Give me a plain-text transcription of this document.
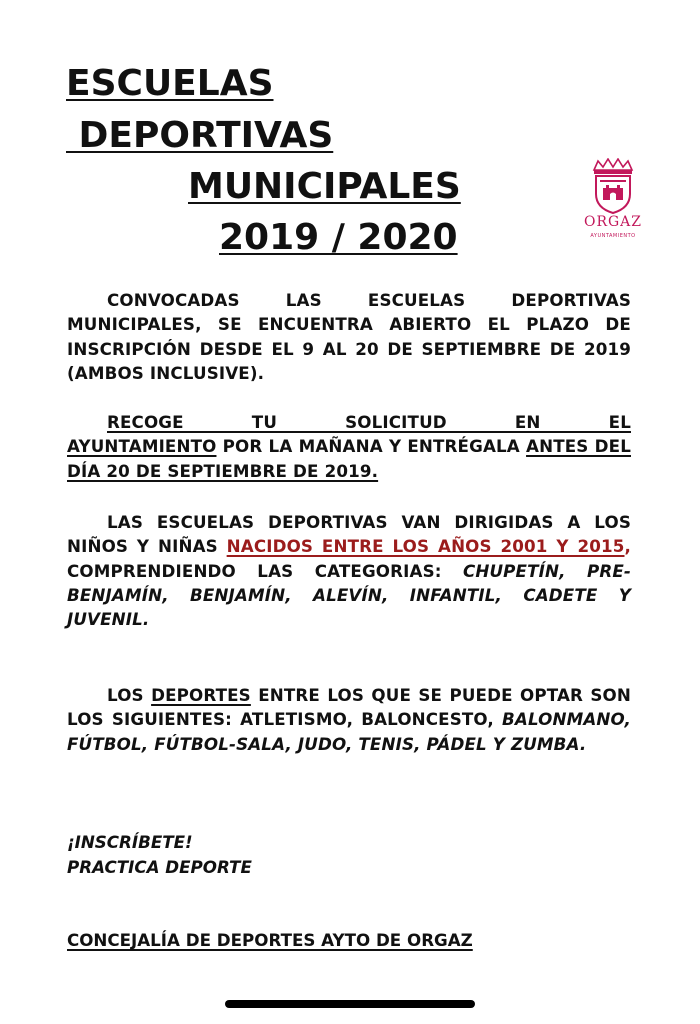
ESCUELAS
DEPORTIVAS
MUNICIPALES
2019 / 2020	ORGAZ
AYUNTAMIENTO

CONVOCADAS LAS ESCUELAS DEPORTIVAS MUNICIPALES, SE ENCUENTRA ABIERTO EL PLAZO DE INSCRIPCIÓN DESDE EL 9 AL 20 DE SEPTIEMBRE DE 2019 (AMBOS INCLUSIVE).

RECOGE TU SOLICITUD EN EL
AYUNTAMIENTO POR LA MAÑANA Y ENTRÉGALA ANTES DEL DÍA 20 DE SEPTIEMBRE DE 2019.

LAS ESCUELAS DEPORTIVAS VAN DIRIGIDAS A LOS NIÑOS Y NIÑAS NACIDOS ENTRE LOS AÑOS 2001 Y 2015, COMPRENDIENDO LAS CATEGORIAS: CHUPETÍN, PRE-BENJAMÍN, BENJAMÍN, ALEVÍN, INFANTIL, CADETE Y JUVENIL.

LOS DEPORTES ENTRE LOS QUE SE PUEDE OPTAR SON LOS SIGUIENTES: ATLETISMO, BALONCESTO, BALONMANO, FÚTBOL, FÚTBOL-SALA, JUDO, TENIS, PÁDEL Y ZUMBA.

¡INSCRÍBETE!
PRACTICA DEPORTE
CONCEJALÍA DE DEPORTES AYTO DE ORGAZ
